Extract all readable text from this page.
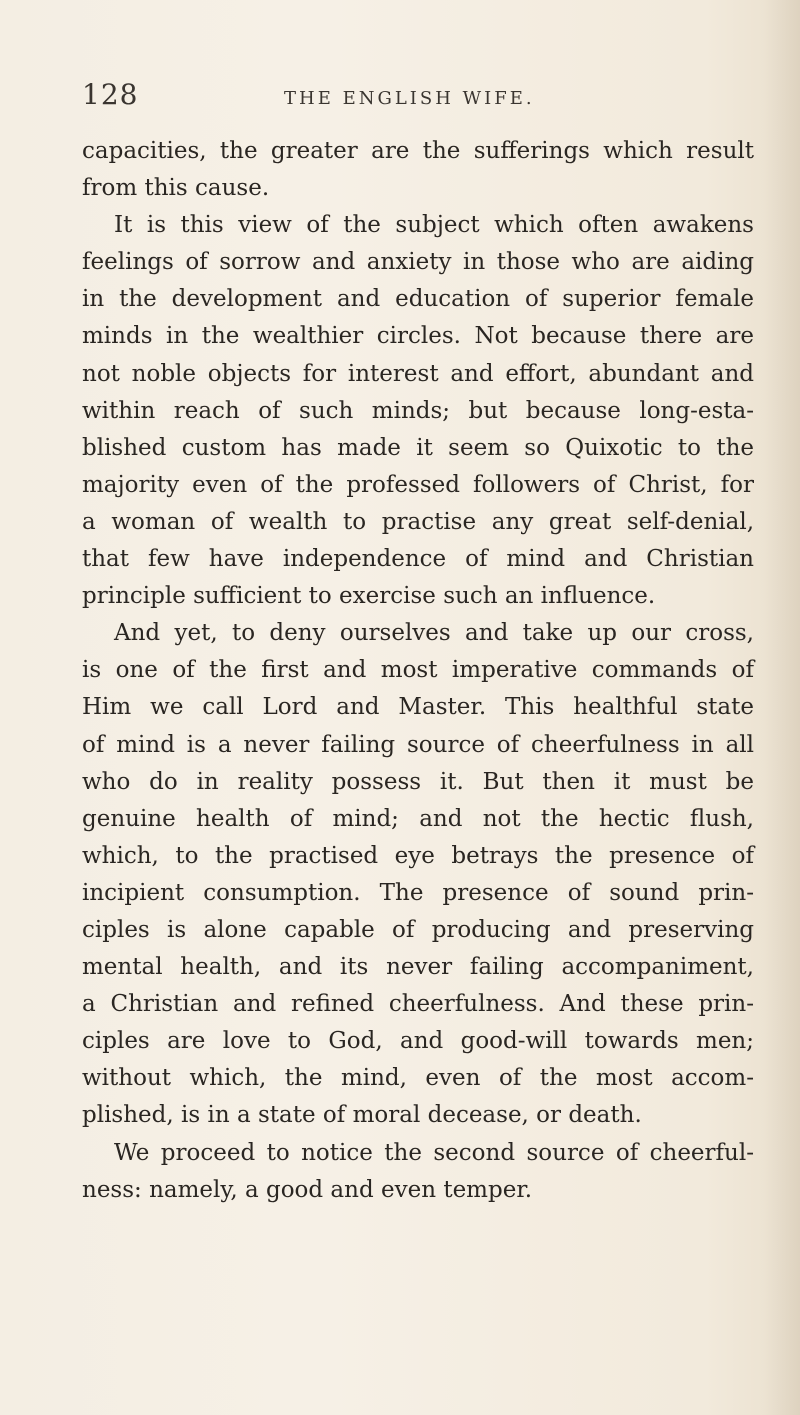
128	THE ENGLISH WIFE.
capacities, the greater are the sufferings which result
from this cause.
It is this view of the subject which often awakens
feelings of sorrow and anxiety in those who are aiding
in the development and education of superior female
minds in the wealthier circles. Not because there are
not noble objects for interest and effort, abundant and
within reach of such minds; but because long-esta-
blished custom has made it seem so Quixotic to the
majority even of the professed followers of Christ, for
a woman of wealth to practise any great self-denial,
that few have independence of mind and Christian
principle sufficient to exercise such an influence.
And yet, to deny ourselves and take up our cross,
is one of the first and most imperative commands of
Him we call Lord and Master. This healthful state
of mind is a never failing source of cheerfulness in all
who do in reality possess it. But then it must be
genuine health of mind; and not the hectic flush,
which, to the practised eye betrays the presence of
incipient consumption. The presence of sound prin-
ciples is alone capable of producing and preserving
mental health, and its never failing accompaniment,
a Christian and refined cheerfulness. And these prin-
ciples are love to God, and good-will towards men;
without which, the mind, even of the most accom-
plished, is in a state of moral decease, or death.
We proceed to notice the second source of cheerful-
ness: namely, a good and even temper.
